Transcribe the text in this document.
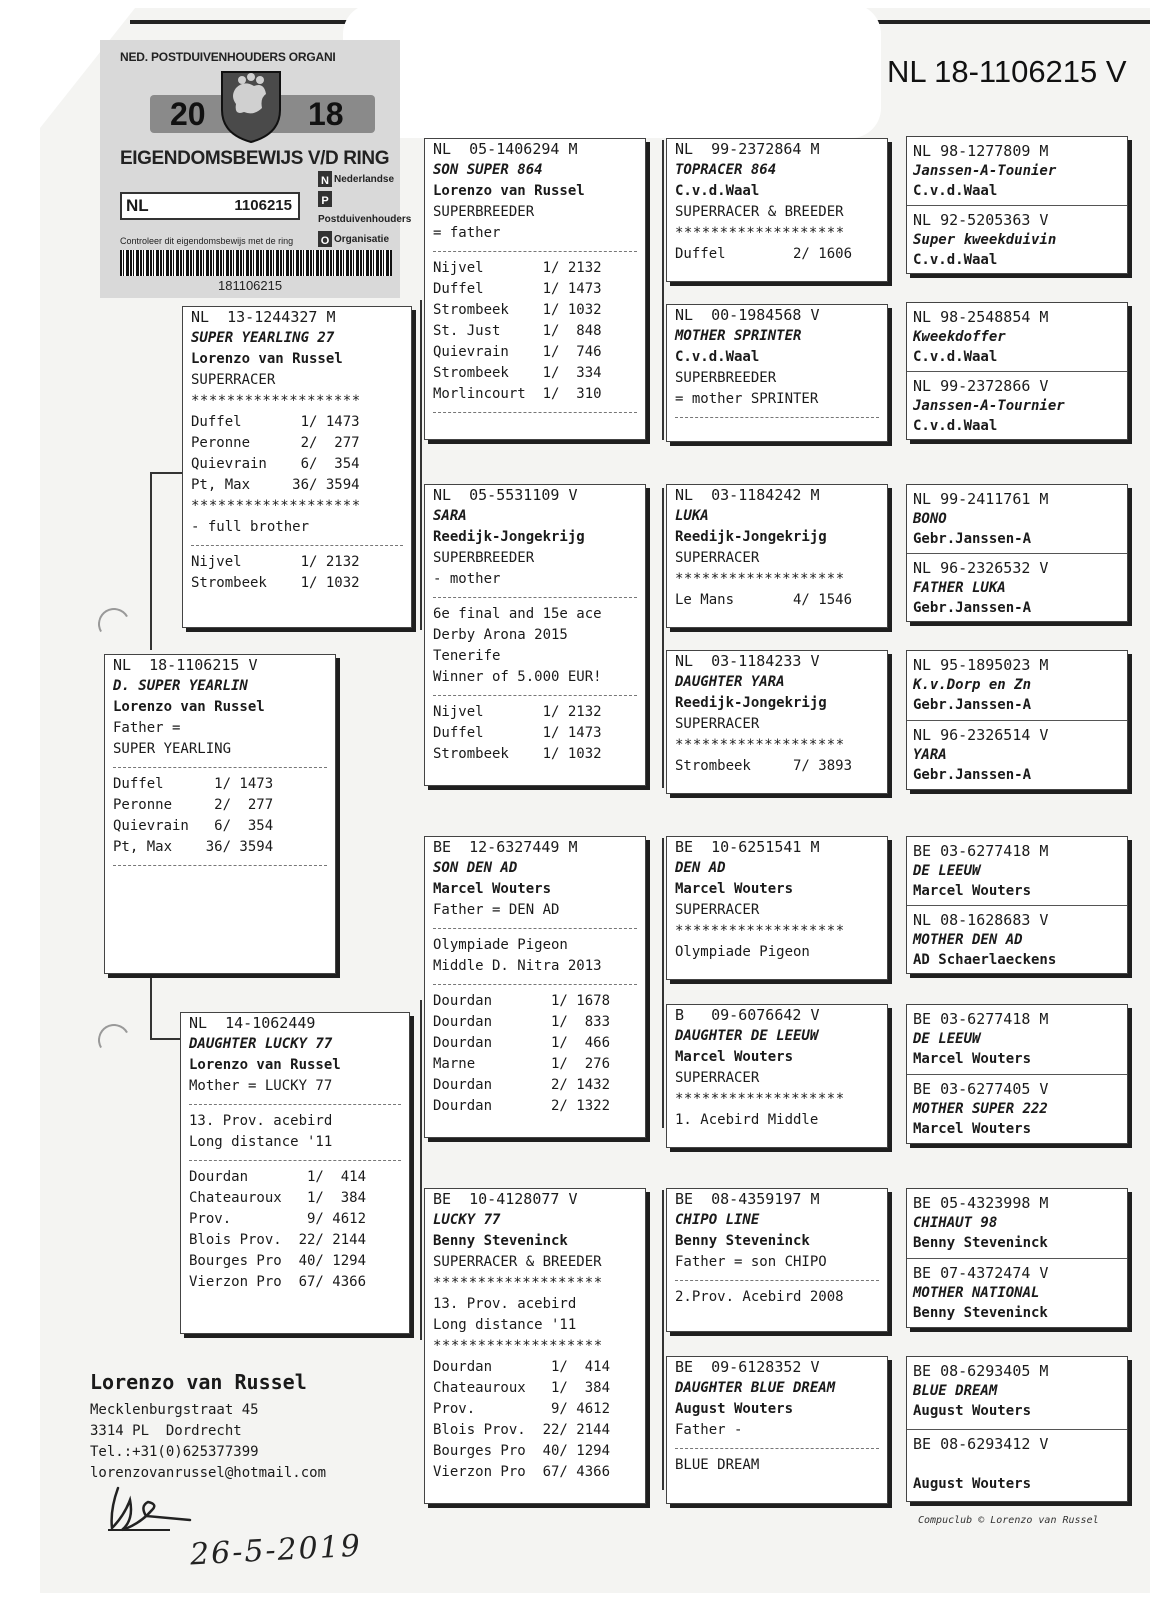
NL 18-1106215 V
NED. POSTDUIVENHOUDERS ORGANI
20	18
EIGENDOMSBEWIJS V/D RING
NL	1106215
N Nederlandse
PPostduivenhouders
O Organisatie
Controleer dit eigendomsbewijs met de ring
181106215
NL  18-1106215 V
D. SUPER YEARLIN
Lorenzo van Russel
Father =
SUPER YEARLING
Duffel      1/ 1473
Peronne     2/  277
Quievrain   6/  354
Pt, Max    36/ 3594
NL  13-1244327 M
SUPER YEARLING 27
Lorenzo van Russel
SUPERRACER
*******************
Duffel       1/ 1473
Peronne      2/  277
Quievrain    6/  354
Pt, Max     36/ 3594
*******************
- full brother
Nijvel       1/ 2132
Strombeek    1/ 1032
NL  14-1062449
DAUGHTER LUCKY 77
Lorenzo van Russel
Mother = LUCKY 77
13. Prov. acebird
Long distance '11
Dourdan       1/  414
Chateauroux   1/  384
Prov.         9/ 4612
Blois Prov.  22/ 2144
Bourges Pro  40/ 1294
Vierzon Pro  67/ 4366
NL  05-1406294 M
SON SUPER 864
Lorenzo van Russel
SUPERBREEDER
= father
Nijvel       1/ 2132
Duffel       1/ 1473
Strombeek    1/ 1032
St. Just     1/  848
Quievrain    1/  746
Strombeek    1/  334
Morlincourt  1/  310
NL  05-5531109 V
SARA
Reedijk-Jongekrijg
SUPERBREEDER
- mother
6e final and 15e ace
Derby Arona 2015
Tenerife
Winner of 5.000 EUR!
Nijvel       1/ 2132
Duffel       1/ 1473
Strombeek    1/ 1032
BE  12-6327449 M
SON DEN AD
Marcel Wouters
Father = DEN AD
Olympiade Pigeon
Middle D. Nitra 2013
Dourdan       1/ 1678
Dourdan       1/  833
Dourdan       1/  466
Marne         1/  276
Dourdan       2/ 1432
Dourdan       2/ 1322
BE  10-4128077 V
LUCKY 77
Benny Steveninck
SUPERRACER & BREEDER
*******************
13. Prov. acebird
Long distance '11
*******************
Dourdan       1/  414
Chateauroux   1/  384
Prov.         9/ 4612
Blois Prov.  22/ 2144
Bourges Pro  40/ 1294
Vierzon Pro  67/ 4366
NL  99-2372864 M
TOPRACER 864
C.v.d.Waal
SUPERRACER & BREEDER
*******************
Duffel        2/ 1606
NL  00-1984568 V
MOTHER SPRINTER
C.v.d.Waal
SUPERBREEDER
= mother SPRINTER
NL  03-1184242 M
LUKA
Reedijk-Jongekrijg
SUPERRACER
*******************
Le Mans       4/ 1546
NL  03-1184233 V
DAUGHTER YARA
Reedijk-Jongekrijg
SUPERRACER
*******************
Strombeek     7/ 3893
BE  10-6251541 M
DEN AD
Marcel Wouters
SUPERRACER
*******************
Olympiade Pigeon
B   09-6076642 V
DAUGHTER DE LEEUW
Marcel Wouters
SUPERRACER
*******************
1. Acebird Middle
BE  08-4359197 M
CHIPO LINE
Benny Steveninck
Father = son CHIPO
2.Prov. Acebird 2008
BE  09-6128352 V
DAUGHTER BLUE DREAM
August Wouters
Father -
BLUE DREAM
NL 98-1277809 M
Janssen-A-Tounier
C.v.d.Waal
NL 92-5205363 V
Super kweekduivin
C.v.d.Waal
NL 98-2548854 M
Kweekdoffer
C.v.d.Waal
NL 99-2372866 V
Janssen-A-Tournier
C.v.d.Waal
NL 99-2411761 M
BONO
Gebr.Janssen-A
NL 96-2326532 V
FATHER LUKA
Gebr.Janssen-A
NL 95-1895023 M
K.v.Dorp en Zn
Gebr.Janssen-A
NL 96-2326514 V
YARA
Gebr.Janssen-A
BE 03-6277418 M
DE LEEUW
Marcel Wouters
NL 08-1628683 V
MOTHER DEN AD
AD Schaerlaeckens
BE 03-6277418 M
DE LEEUW
Marcel Wouters
BE 03-6277405 V
MOTHER SUPER 222
Marcel Wouters
BE 05-4323998 M
CHIHAUT 98
Benny Steveninck
BE 07-4372474 V
MOTHER NATIONAL
Benny Steveninck
BE 08-6293405 M
BLUE DREAM
August Wouters
BE 08-6293412 V
August Wouters
Lorenzo van Russel
Mecklenburgstraat 45
3314 PL  Dordrecht
Tel.:+31(0)625377399
lorenzovanrussel@hotmail.com
26-5-2019
Compuclub © Lorenzo van Russel
